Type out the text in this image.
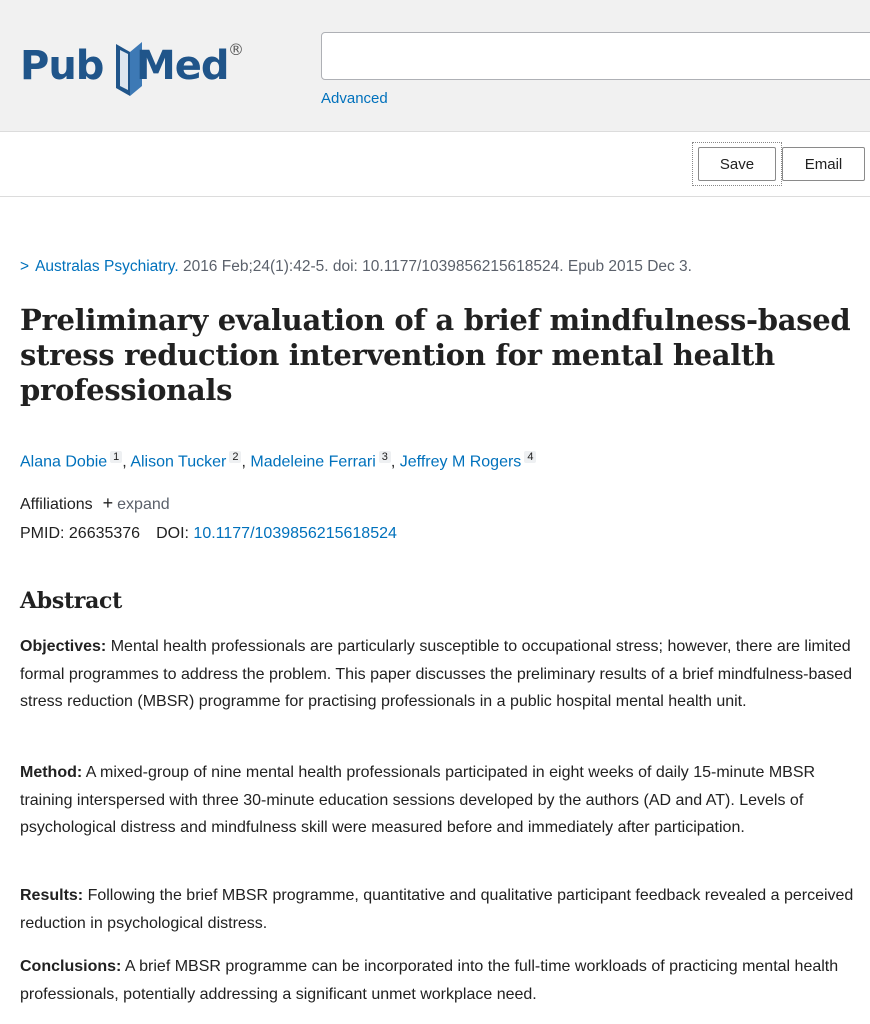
Pub Med ®
Advanced
Save	Email
> Australas Psychiatry. 2016 Feb;24(1):42-5. doi: 10.1177/1039856215618524. Epub 2015 Dec 3.
Preliminary evaluation of a brief mindfulness-based stress reduction intervention for mental health professionals
Alana Dobie $^1$ , Alison Tucker $^2$ , Madeleine Ferrari $^3$ , Jeffrey M Rogers $^4$
Affiliations + expand
PMID: 26635376 DOI: 10.1177/1039856215618524
Abstract

Objectives: Mental health professionals are particularly susceptible to occupational stress; however, there are limited formal programmes to address the problem. This paper discusses the preliminary results of a brief mindfulness-based stress reduction (MBSR) programme for practising professionals in a public hospital mental health unit.

Method: A mixed-group of nine mental health professionals participated in eight weeks of daily 15-minute MBSR training interspersed with three 30-minute education sessions developed by the authors (AD and AT). Levels of psychological distress and mindfulness skill were measured before and immediately after participation.

Results: Following the brief MBSR programme, quantitative and qualitative participant feedback revealed a perceived reduction in psychological distress.

Conclusions: A brief MBSR programme can be incorporated into the full-time workloads of practicing mental health professionals, potentially addressing a significant unmet workplace need.
